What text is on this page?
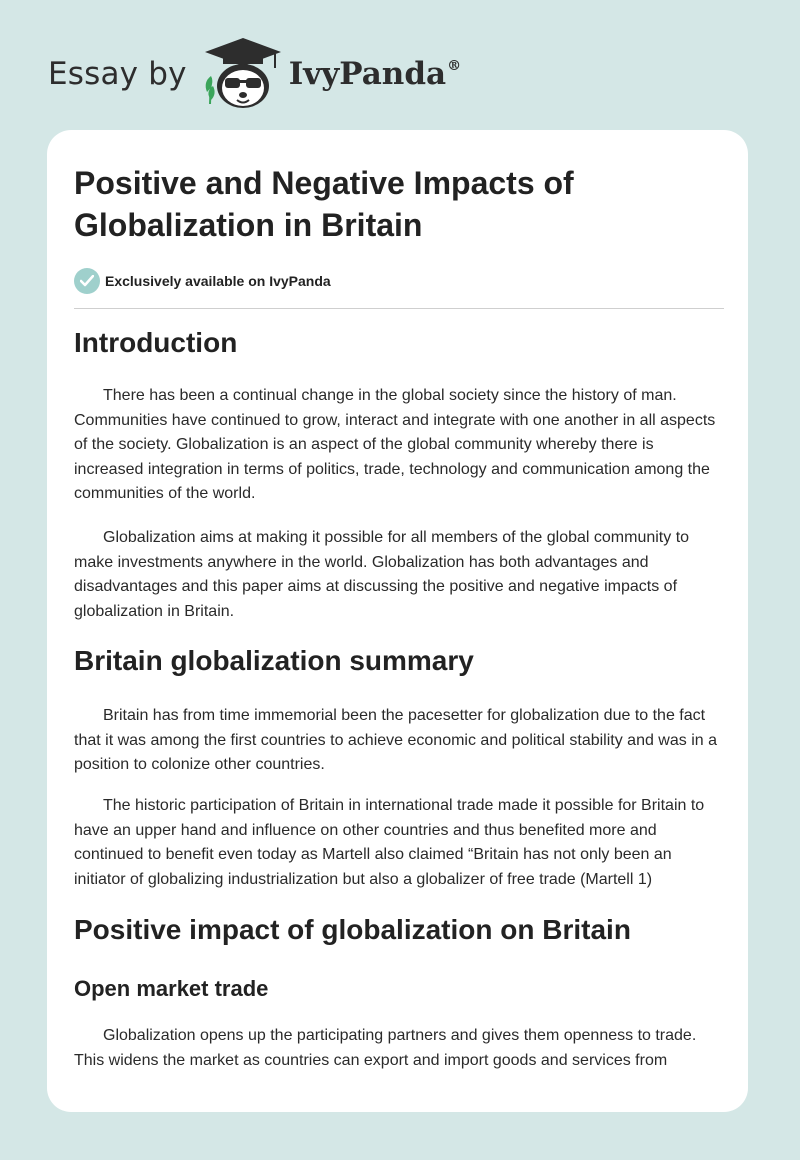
Essay by	IvyPanda®
Positive and Negative Impacts of
Globalization in Britain
Exclusively available on IvyPanda
Introduction

There has been a continual change in the global society since the history of man. Communities have continued to grow, interact and integrate with one another in all aspects of the society. Globalization is an aspect of the global community whereby there is increased integration in terms of politics, trade, technology and communication among the communities of the world.

Globalization aims at making it possible for all members of the global community to make investments anywhere in the world. Globalization has both advantages and disadvantages and this paper aims at discussing the positive and negative impacts of globalization in Britain.

Britain globalization summary

Britain has from time immemorial been the pacesetter for globalization due to the fact that it was among the first countries to achieve economic and political stability and was in a position to colonize other countries.

The historic participation of Britain in international trade made it possible for Britain to have an upper hand and influence on other countries and thus benefited more and continued to benefit even today as Martell also claimed “Britain has not only been an initiator of globalizing industrialization but also a globalizer of free trade (Martell 1)

Positive impact of globalization on Britain
Open market trade

Globalization opens up the participating partners and gives them openness to trade. This widens the market as countries can export and import goods and services from
